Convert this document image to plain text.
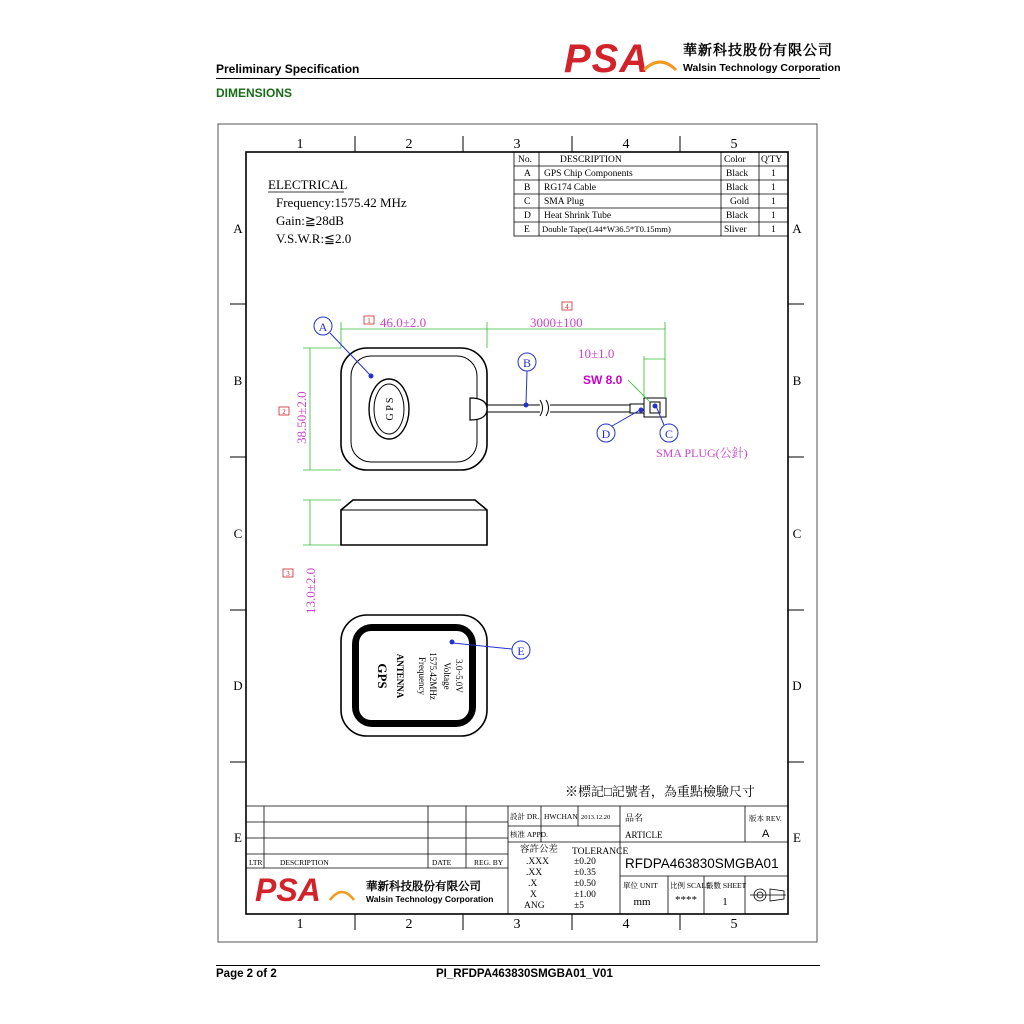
Preliminary Specification
DIMENSIONS
PSA 華新科技股份有限公司
Walsin Technology Corporation
1	2	3	4	5
1	2	3	4	5
A
B
C
D
E
A
B
C
D
E
ELECTRICAL
Frequency:1575.42 MHz
Gain:≧28dB
V.S.W.R:≦2.0
No.	DESCRIPTION	Color Q'TY
A GPS Chip Components	Black 1
B RG174 Cable	Black 1
C SMA Plug	Gold 1
D Heat Shrink Tube	Black 1
E Double Tape(L44*W36.5*T0.15mm)	Sliver	1
G P S
46.0±2.0	3000±100
10±1.0
38.50±2.0
13.0±2.0
SW 8.0
1
4
2
3
GPS ANTENNA Frequency 1575.42MHz Voltage 3.0~5.0V
A
B
C
D
E
SMA PLUG(公針)
※標記□記號者，為重點檢驗尺寸
設計 DR. HWCHAN 2013.12.20
核准 APPD.
品名
ARTICLE
版本 REV.
A
LTR DESCRIPTION	DATE	REG. BY	RFDPA463830SMGBA01
容許公差 TOLERANCE
.XXX	±0.20
.XX	±0.35
.X	±0.50
X	±1.00
ANG	±5
單位 UNIT 比例 SCALE
張數 SHEET
mm **** 1
PSA	華新科技股份有限公司
Walsin Technology Corporation
Page 2 of 2	PI_RFDPA463830SMGBA01_V01
